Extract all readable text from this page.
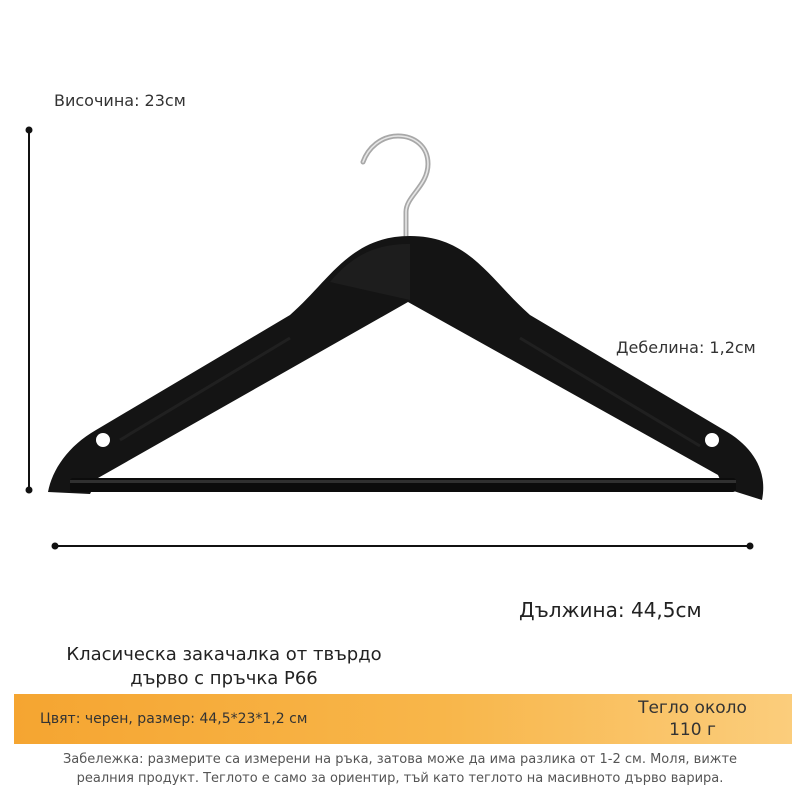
Височина: 23см
Дебелина: 1,2см
Дължина: 44,5см
Класическа закачалка от твърдо
дърво с пръчка P66
Цвят: черен, размер: 44,5*23*1,2 см
Тегло около
110 г
Забележка: размерите са измерени на ръка, затова може да има разлика от 1-2 см. Моля, вижте
реалния продукт. Теглото е само за ориентир, тъй като теглото на масивното дърво варира.
